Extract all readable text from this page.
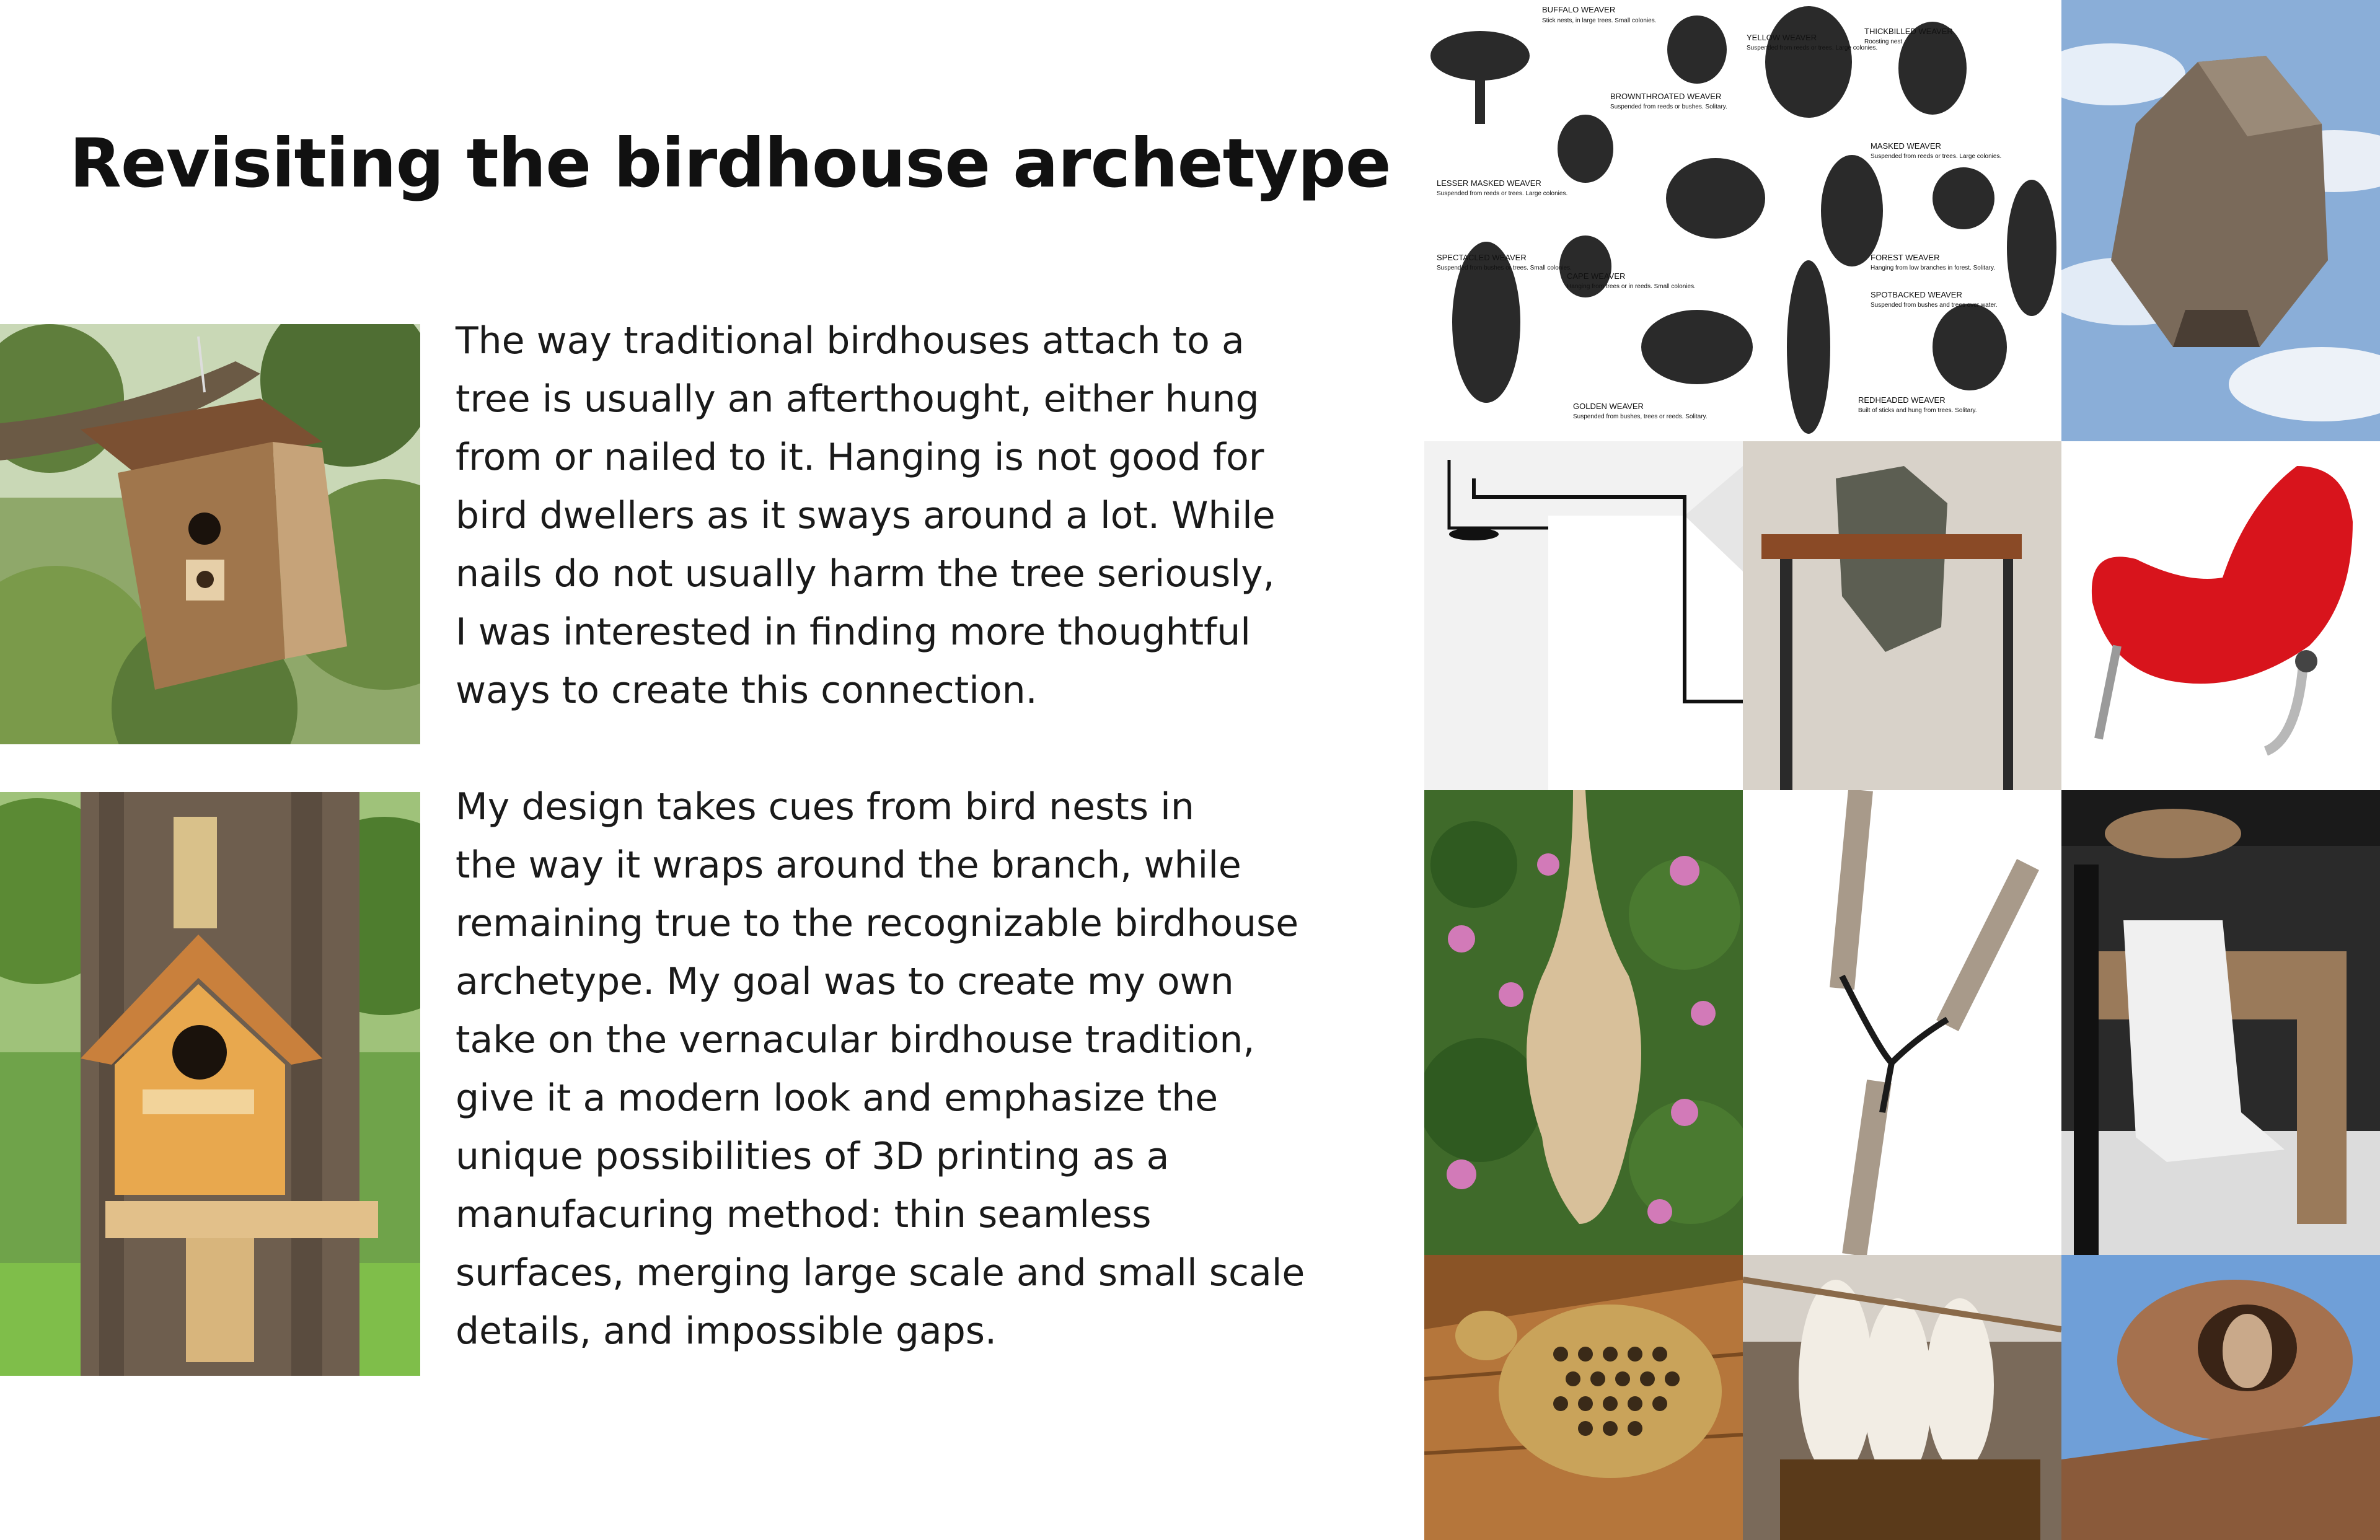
Revisiting the birdhouse archetype
The way traditional birdhouses attach to a
tree is usually an afterthought, either hung
from or nailed to it. Hanging is not good for
bird dwellers as it sways around a lot. While
nails do not usually harm the tree seriously,
I was interested in finding more thoughtful
ways to create this connection.
My design takes cues from bird nests in
the way it wraps around the branch, while
remaining true to the recognizable birdhouse
archetype. My goal was to create my own
take on the vernacular birdhouse tradition,
give it a modern look and emphasize the
unique possibilities of 3D printing as a
manufacuring method: thin seamless
surfaces, merging large scale and small scale
details, and impossible gaps.
BUFFALO WEAVER
Stick nests, in large trees. Small colonies.
YELLOW WEAVER
Suspended from reeds or trees. Large colonies.
THICKBILLED WEAVER
Roosting nest
BROWNTHROATED WEAVER
Suspended from reeds or bushes. Solitary.
MASKED WEAVER
Suspended from reeds or trees. Large colonies.
LESSER MASKED WEAVER
Suspended from reeds or trees. Large colonies.
SPECTACLED WEAVER
Suspended from bushes or trees. Small colonies.
CAPE WEAVER
Hanging from trees or in reeds. Small colonies.
FOREST WEAVER
Hanging from low branches in forest. Solitary.
SPOTBACKED WEAVER
Suspended from bushes and trees over water.
REDHEADED WEAVER
Built of sticks and hung from trees. Solitary.
GOLDEN WEAVER
Suspended from bushes, trees or reeds. Solitary.
